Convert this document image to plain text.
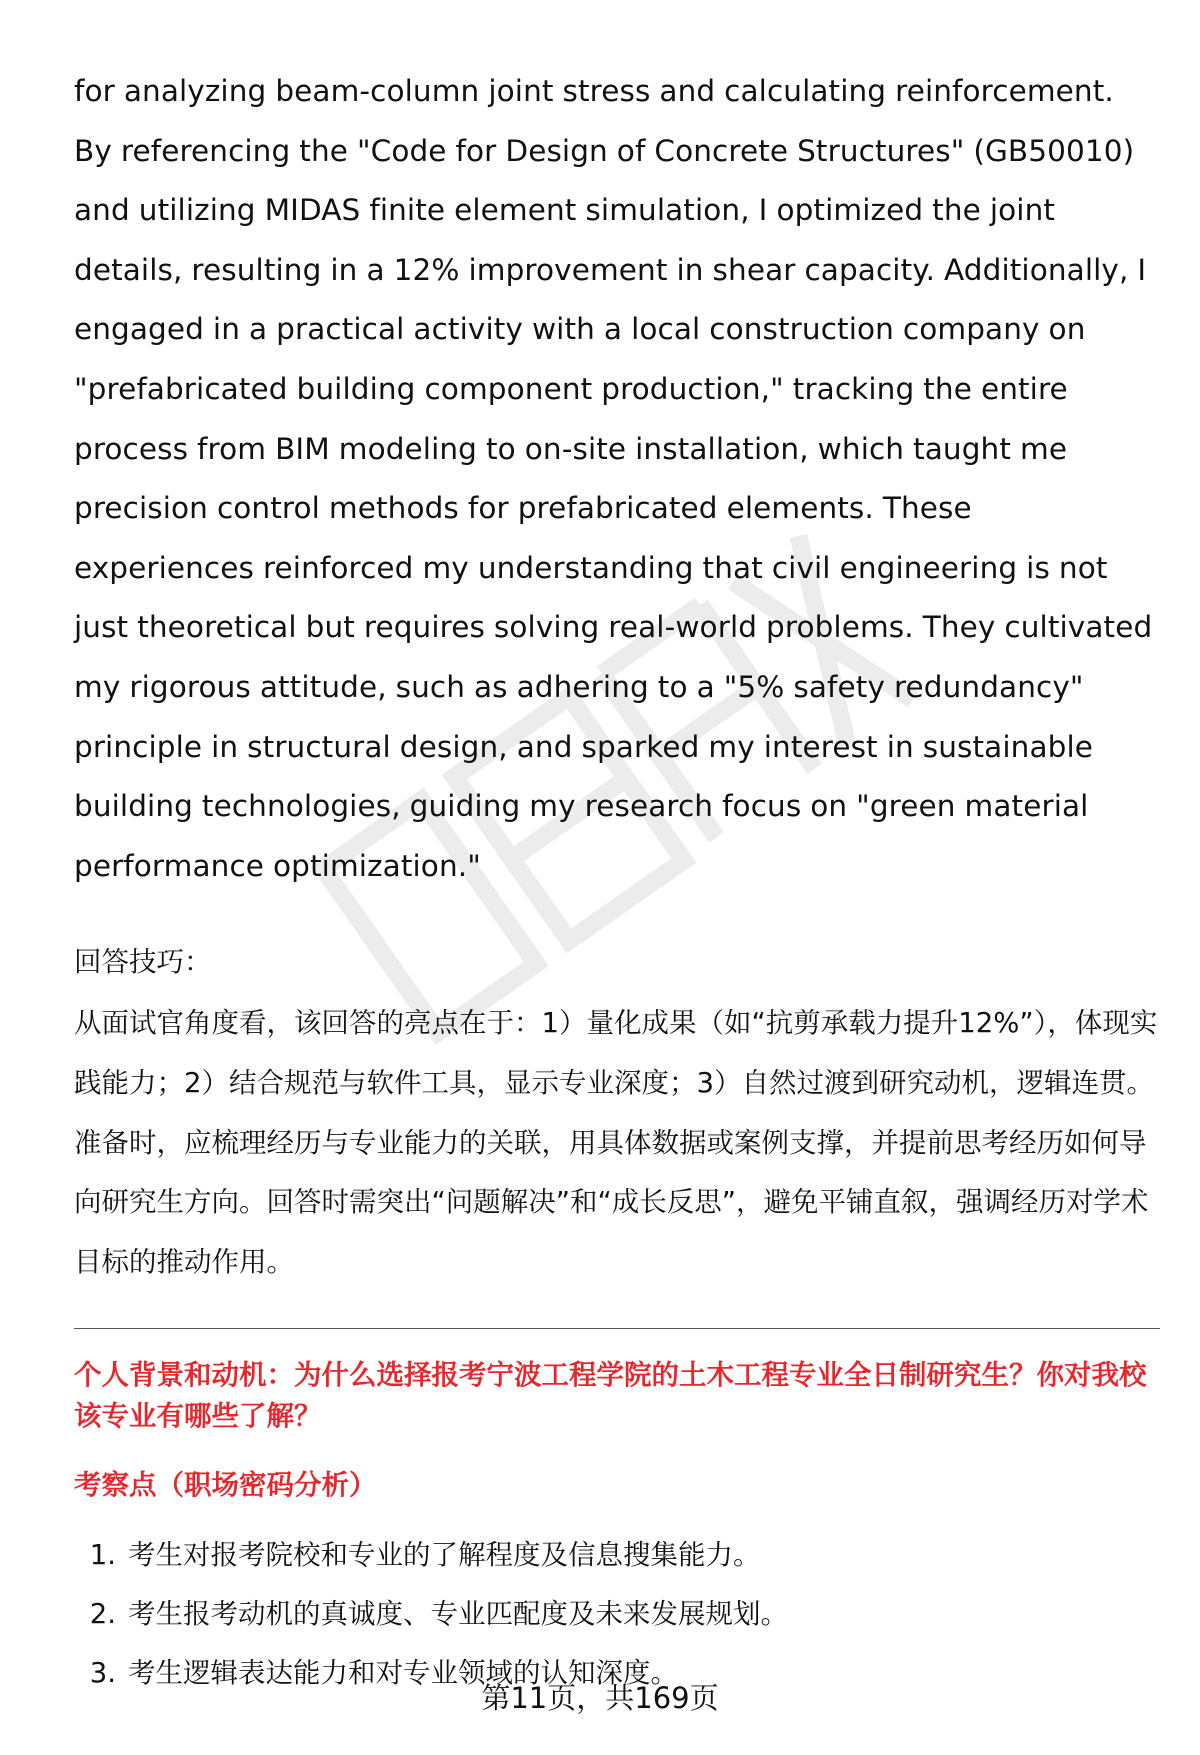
for analyzing beam-column joint stress and calculating reinforcement. By referencing the "Code for Design of Concrete Structures" (GB50010) and utilizing MIDAS finite element simulation, I optimized the joint details, resulting in a 12% improvement in shear capacity. Additionally, I engaged in a practical activity with a local construction company on "prefabricated building component production," tracking the entire process from BIM modeling to on-site installation, which taught me precision control methods for prefabricated elements. These experiences reinforced my understanding that civil engineering is not just theoretical but requires solving real-world problems. They cultivated my rigorous attitude, such as adhering to a "5% safety redundancy" principle in structural design, and sparked my interest in sustainable building technologies, guiding my research focus on "green material performance optimization."

回答技巧：

从面试官角度看，该回答的亮点在于：1）量化成果（如“抗剪承载力提升12%”），体现实践能力；2）结合规范与软件工具，显示专业深度；3）自然过渡到研究动机，逻辑连贯。准备时，应梳理经历与专业能力的关联，用具体数据或案例支撑，并提前思考经历如何导向研究生方向。回答时需突出“问题解决”和“成长反思”，避免平铺直叙，强调经历对学术目标的推动作用。

个人背景和动机：为什么选择报考宁波工程学院的土木工程专业全日制研究生？你对我校该专业有哪些了解？
考察点（职场密码分析）
1. 考生对报考院校和专业的了解程度及信息搜集能力。
2. 考生报考动机的真诚度、专业匹配度及未来发展规划。
3. 考生逻辑表达能力和对专业领域的认知深度。
第11页，共169页
